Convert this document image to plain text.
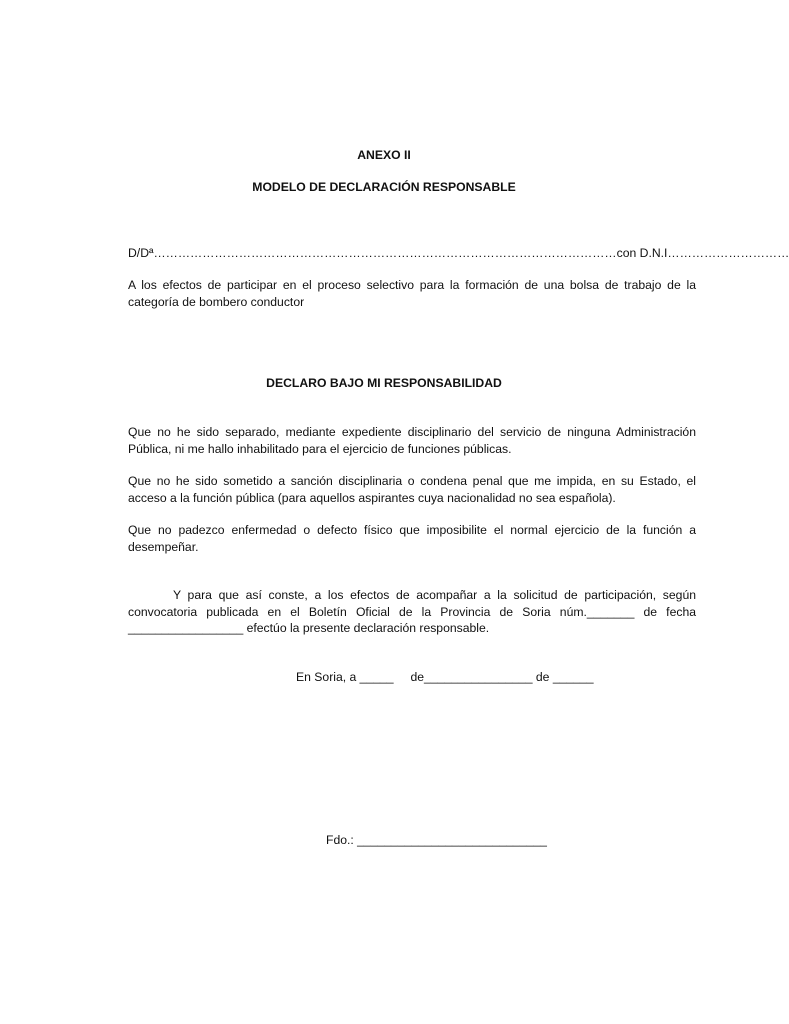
ANEXO II

MODELO DE DECLARACIÓN RESPONSABLE

D/Dª……………………………………………………………………………………………………con D.N.I…………………………

A los efectos de participar en el proceso selectivo para la formación de una bolsa de trabajo de la categoría de bombero conductor

DECLARO BAJO MI RESPONSABILIDAD

Que no he sido separado, mediante expediente disciplinario del servicio de ninguna Administración Pública, ni me hallo inhabilitado para el ejercicio de funciones públicas.

Que no he sido sometido a sanción disciplinaria o condena penal que me impida, en su Estado, el acceso a la función pública (para aquellos aspirantes cuya nacionalidad no sea española).

Que no padezco enfermedad o defecto físico que imposibilite el normal ejercicio de la función a desempeñar.

Y para que así conste, a los efectos de acompañar a la solicitud de participación, según convocatoria publicada en el Boletín Oficial de la Provincia de Soria núm._______ de fecha _________________ efectúo la presente declaración responsable.

En Soria, a _____     de________________ de ______

Fdo.: ____________________________
